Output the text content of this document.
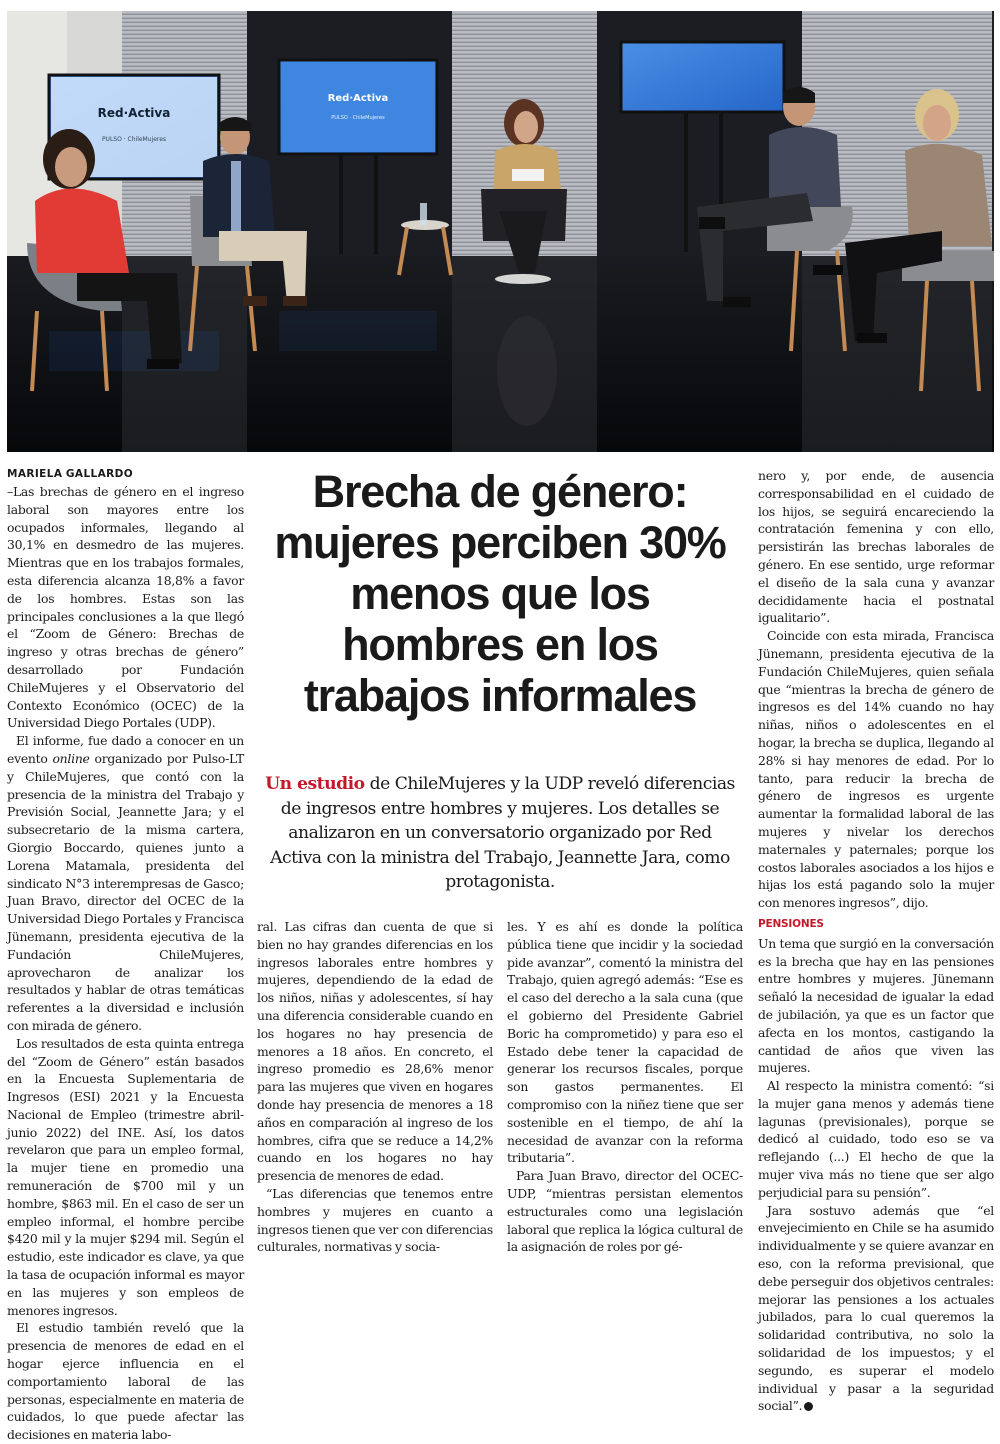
Red·Activa
PULSO · ChileMujeres
Red·Activa
PULSO · ChileMujeres
MARIELA GALLARDO

–Las brechas de género en el ingreso laboral son mayores entre los ocupados informales, llegando al 30,1% en desmedro de las mujeres. Mientras que en los trabajos formales, esta diferencia alcanza 18,8% a favor de los hombres. Estas son las principales conclusiones a la que llegó el “Zoom de Género: Brechas de ingreso y otras brechas de género” desarrollado por Fundación ChileMujeres y el Observatorio del Contexto Económico (OCEC) de la Universidad Diego Portales (UDP).

El informe, fue dado a conocer en un evento online organizado por Pulso-LT y ChileMujeres, que contó con la presencia de la ministra del Trabajo y Previsión Social, Jeannette Jara; y el subsecretario de la misma cartera, Giorgio Boccardo, quienes junto a Lorena Matamala, presidenta del sindicato N°3 interempresas de Gasco; Juan Bravo, director del OCEC de la Universidad Diego Portales y Francisca Jünemann, presidenta ejecutiva de la Fundación ChileMujeres, aprovecharon de analizar los resultados y hablar de otras temáticas referentes a la diversidad e inclusión con mirada de género.

Los resultados de esta quinta entrega del “Zoom de Género” están basados en la Encuesta Suplementaria de Ingresos (ESI) 2021 y la Encuesta Nacional de Empleo (trimestre abril-junio 2022) del INE. Así, los datos revelaron que para un empleo formal, la mujer tiene en promedio una remuneración de $700 mil y un hombre, $863 mil. En el caso de ser un empleo informal, el hombre percibe $420 mil y la mujer $294 mil. Según el estudio, este indicador es clave, ya que la tasa de ocupación informal es mayor en las mujeres y son empleos de menores ingresos.

El estudio también reveló que la presencia de menores de edad en el hogar ejerce influencia en el comportamiento laboral de las personas, especialmente en materia de cuidados, lo que puede afectar las decisiones en materia labo-

Brecha de género: mujeres perciben 30% menos que los hombres en los trabajos informales

Un estudio de ChileMujeres y la UDP reveló diferencias de ingresos entre hombres y mujeres. Los detalles se analizaron en un conversatorio organizado por Red Activa con la ministra del Trabajo, Jeannette Jara, como protagonista.

ral. Las cifras dan cuenta de que si bien no hay grandes diferencias en los ingresos laborales entre hombres y mujeres, dependiendo de la edad de los niños, niñas y adolescentes, sí hay una diferencia considerable cuando en los hogares no hay presencia de menores a 18 años. En concreto, el ingreso promedio es 28,6% menor para las mujeres que viven en hogares donde hay presencia de menores a 18 años en comparación al ingreso de los hombres, cifra que se reduce a 14,2% cuando en los hogares no hay presencia de menores de edad.

“Las diferencias que tenemos entre hombres y mujeres en cuanto a ingresos tienen que ver con diferencias culturales, normativas y socia-

les. Y es ahí es donde la política pública tiene que incidir y la sociedad pide avanzar”, comentó la ministra del Trabajo, quien agregó además: “Ese es el caso del derecho a la sala cuna (que el gobierno del Presidente Gabriel Boric ha comprometido) y para eso el Estado debe tener la capacidad de generar los recursos fiscales, porque son gastos permanentes. El compromiso con la niñez tiene que ser sostenible en el tiempo, de ahí la necesidad de avanzar con la reforma tributaria”.

Para Juan Bravo, director del OCEC-UDP, “mientras persistan elementos estructurales como una legislación laboral que replica la lógica cultural de la asignación de roles por gé-

nero y, por ende, de ausencia corresponsabilidad en el cuidado de los hijos, se seguirá encareciendo la contratación femenina y con ello, persistirán las brechas laborales de género. En ese sentido, urge reformar el diseño de la sala cuna y avanzar decididamente hacia el postnatal igualitario”.

Coincide con esta mirada, Francisca Jünemann, presidenta ejecutiva de la Fundación ChileMujeres, quien señala que “mientras la brecha de género de ingresos es del 14% cuando no hay niñas, niños o adolescentes en el hogar, la brecha se duplica, llegando al 28% si hay menores de edad. Por lo tanto, para reducir la brecha de género de ingresos es urgente aumentar la formalidad laboral de las mujeres y nivelar los derechos maternales y paternales; porque los costos laborales asociados a los hijos e hijas los está pagando solo la mujer con menores ingresos”, dijo.

PENSIONES

Un tema que surgió en la conversación es la brecha que hay en las pensiones entre hombres y mujeres. Jünemann señaló la necesidad de igualar la edad de jubilación, ya que es un factor que afecta en los montos, castigando la cantidad de años que viven las mujeres.

Al respecto la ministra comentó: “si la mujer gana menos y además tiene lagunas (previsionales), porque se dedicó al cuidado, todo eso se va reflejando (...) El hecho de que la mujer viva más no tiene que ser algo perjudicial para su pensión”.

Jara sostuvo además que “el envejecimiento en Chile se ha asumido individualmente y se quiere avanzar en eso, con la reforma previsional, que debe perseguir dos objetivos centrales: mejorar las pensiones a los actuales jubilados, para lo cual queremos la solidaridad contributiva, no solo la solidaridad de los impuestos; y el segundo, es superar el modelo individual y pasar a la seguridad social”. P
